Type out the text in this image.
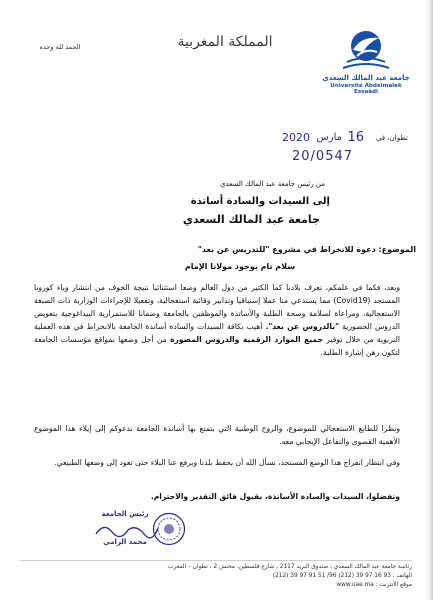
الحمد لله وحده	المملكة المغربية
جامعة عبد المالك السعدي
Université Abdelmalek Essaâdi
تطوان، في
16
مارس
2020
20/0547
من رئيس جامعة عبد المالك السعدي
إلى السيدات والسادة أساتذة
جامعة عبد المالك السعدي
الموضوع: دعوة للانخراط في مشروع "للتدريس عن بعد"
سلام تام بوجود مولانا الإمام
وبعد، فكما في علمكم، تعرف بلادنا كما الكثير من دول العالم وضعا استثنائيا نتيجة الخوف من انتشار وباء كورونا المستجد (Covid19) مما يستدعي منا عملا إستباقيا وتدابير وقائية استعجالية، وتفعيلا للإجراءات الوزارية ذات الصبغة الاستعجالية، ومراعاة لسلامة وصحة الطلبة والأساتذة والموظفين بالجامعة وضمانا للاستمرارية البيداغوجية بتعويض الدروس الحضورية "بالدروس عن بعد". أهيب بكافة السيدات والسادة أساتذة الجامعة بالانخراط في هذه العملية التربوية من خلال توفير جميع الموارد الرقمية والدروس المصورة من أجل وضعها بمواقع مؤسسات الجامعة لتكون رهن إشارة الطلبة.
ونظرا للطابع الاستعجالي للموضوع، والروح الوطنية التي يتمتع بها أساتذة الجامعة ندعوكم إلى إيلاء هذا الموضوع الأهمية القصوى والتفاعل الإيجابي معه.
وفي انتظار انفراج هذا الوضع المستجد، نسأل الله أن يحفظ بلدنا ويرفع عنا البلاء حتى تعود إلى وضعها الطبيعي.
وتفضلوا، السيدات والسادة الأساتذة، بقبول فائق التقدير والاحترام.
رئيس الجامعة
محمد الرامي
رئاسة جامعة عبد المالك السعدي ، صندوق البريد 2117 ، شارع فلسطين، محنش 2 ، تطوان – المغرب
الهاتف : 93 16 97 39 (212) 96/ 51 91 97 39 (212)
موقع الأنترنت : www.uae.ma
